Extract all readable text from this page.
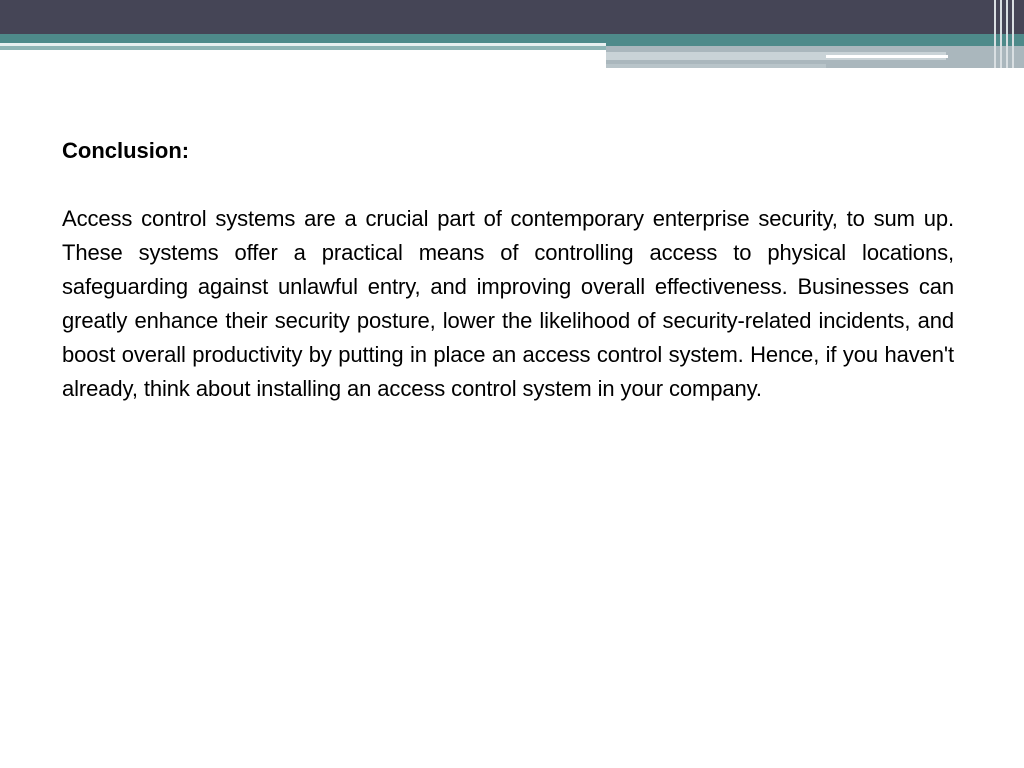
Conclusion:

Access control systems are a crucial part of contemporary enterprise security, to sum up. These systems offer a practical means of controlling access to physical locations, safeguarding against unlawful entry, and improving overall effectiveness. Businesses can greatly enhance their security posture, lower the likelihood of security-related incidents, and boost overall productivity by putting in place an access control system. Hence, if you haven't already, think about installing an access control system in your company.
